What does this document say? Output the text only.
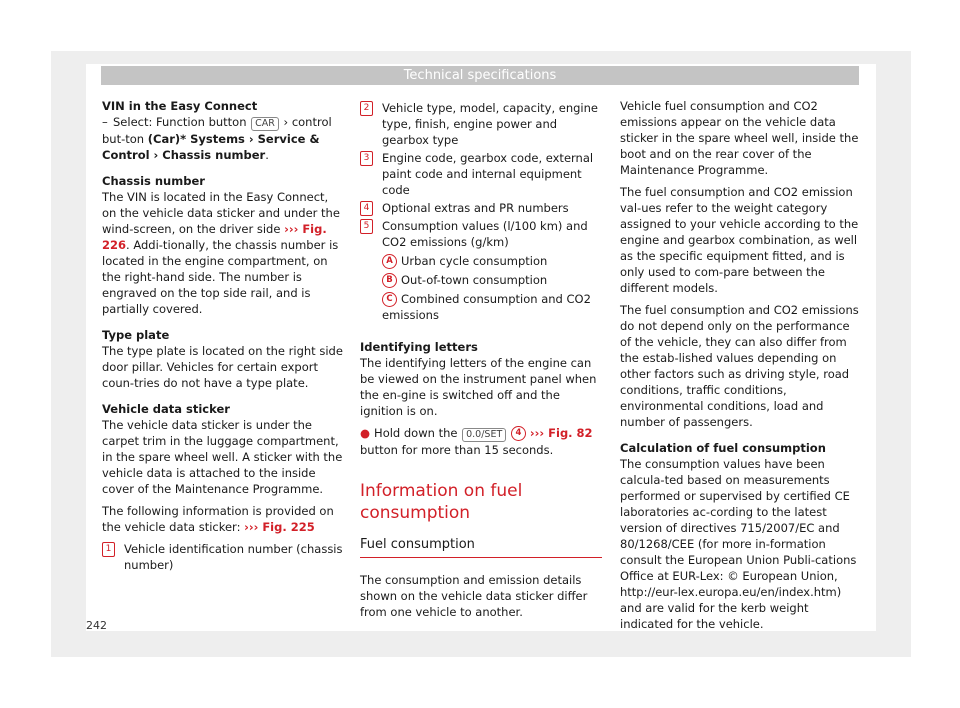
Technical specifications

VIN in the Easy Connect

– Select: Function button CAR › control but-ton (Car)* Systems › Service & Control › Chassis number.

Chassis number

The VIN is located in the Easy Connect, on the vehicle data sticker and under the wind-screen, on the driver side ››› Fig. 226. Addi-tionally, the chassis number is located in the engine compartment, on the right-hand side. The number is engraved on the top side rail, and is partially covered.

Type plate

The type plate is located on the right side door pillar. Vehicles for certain export coun-tries do not have a type plate.

Vehicle data sticker

The vehicle data sticker is under the carpet trim in the luggage compartment, in the spare wheel well. A sticker with the vehicle data is attached to the inside cover of the Maintenance Programme.

The following information is provided on the vehicle data sticker: ››› Fig. 225

1	Vehicle identification number (chassis number)
2	Vehicle type, model, capacity, engine type, finish, engine power and gearbox type
3	Engine code, gearbox code, external paint code and internal equipment code
4	Optional extras and PR numbers
5	Consumption values (l/100 km) and CO2 emissions (g/km)
A Urban cycle consumption
B Out-of-town consumption
C Combined consumption and CO2 emissions

Identifying letters

The identifying letters of the engine can be viewed on the instrument panel when the en-gine is switched off and the ignition is on.

● Hold down the 0.0/SET 4 ››› Fig. 82 button for more than 15 seconds.

Information on fuel consumption

Fuel consumption

The consumption and emission details shown on the vehicle data sticker differ from one vehicle to another.

Vehicle fuel consumption and CO2 emissions appear on the vehicle data sticker in the spare wheel well, inside the boot and on the rear cover of the Maintenance Programme.

The fuel consumption and CO2 emission val-ues refer to the weight category assigned to your vehicle according to the engine and gearbox combination, as well as the specific equipment fitted, and is only used to com-pare between the different models.

The fuel consumption and CO2 emissions do not depend only on the performance of the vehicle, they can also differ from the estab-lished values depending on other factors such as driving style, road conditions, traffic conditions, environmental conditions, load and number of passengers.

Calculation of fuel consumption

The consumption values have been calcula-ted based on measurements performed or supervised by certified CE laboratories ac-cording to the latest version of directives 715/2007/EC and 80/1268/CEE (for more in-formation consult the European Union Publi-cations Office at EUR-Lex: © European Union, http://eur-lex.europa.eu/en/index.htm) and are valid for the kerb weight indicated for the vehicle.

242
